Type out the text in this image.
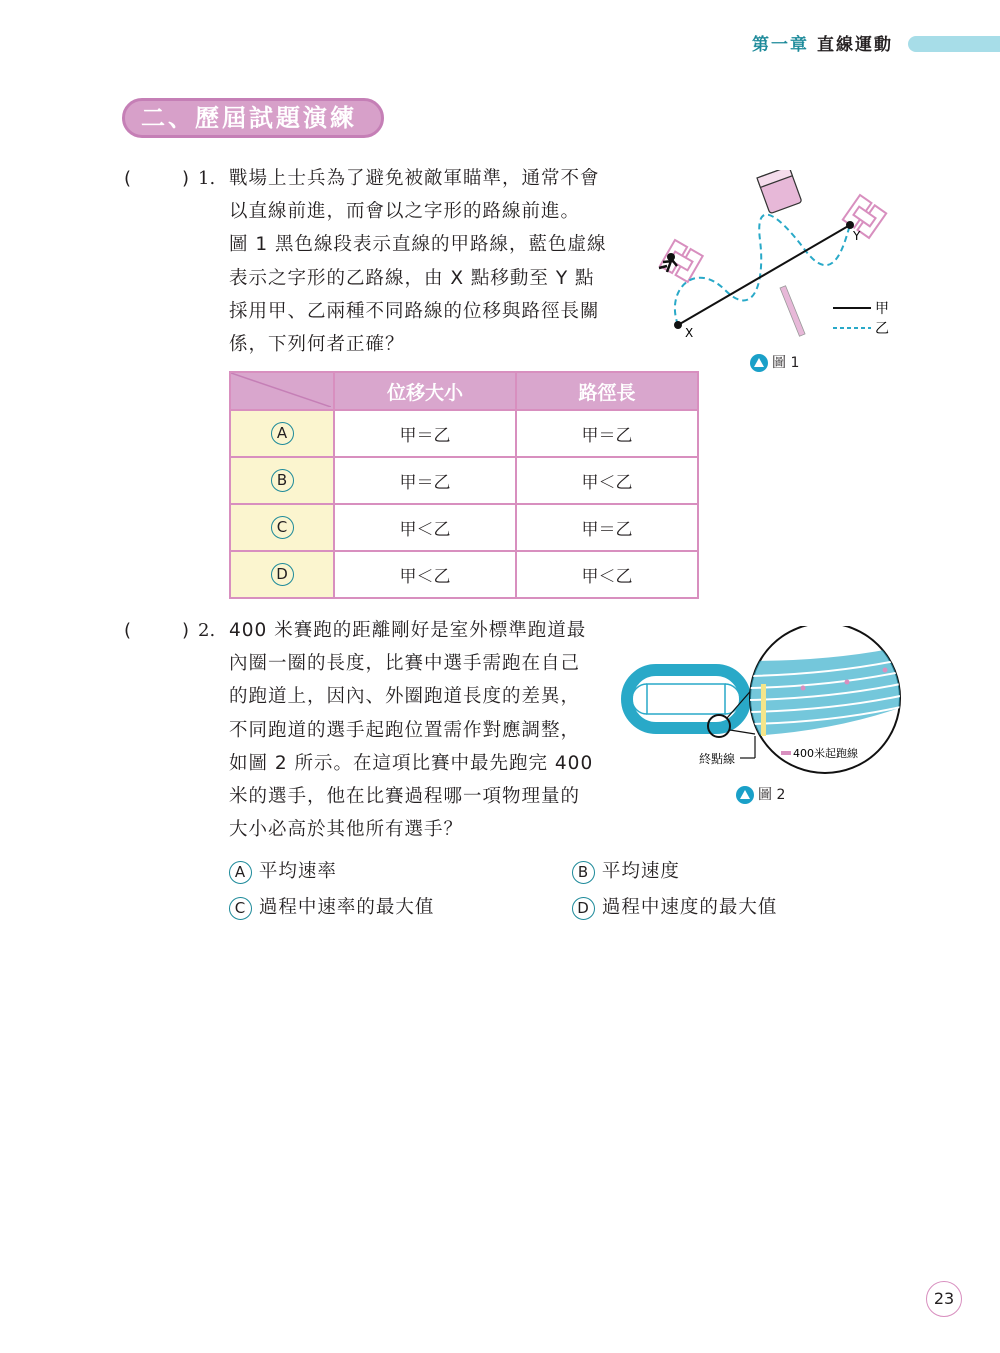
第一章 直線運動
二、歷屆試題演練
(	) 1. 戰場上士兵為了避免被敵軍瞄準，通常不會
以直線前進，而會以之字形的路線前進。
圖 1 黑色線段表示直線的甲路線，藍色虛線
表示之字形的乙路線，由 X 點移動至 Y 點
採用甲、乙兩種不同路線的位移與路徑長關
係，下列何者正確？
X
Y
甲
乙
圖 1
	位移大小	路徑長
A	甲＝乙	甲＝乙
B	甲＝乙	甲＜乙
C	甲＜乙	甲＝乙
D	甲＜乙	甲＜乙
(	) 2. 400 米賽跑的距離剛好是室外標準跑道最
內圈一圈的長度，比賽中選手需跑在自己
的跑道上，因內、外圈跑道長度的差異，
不同跑道的選手起跑位置需作對應調整，
如圖 2 所示。在這項比賽中最先跑完 400
米的選手，他在比賽過程哪一項物理量的
大小必高於其他所有選手？
終點線	400米起跑線
圖 2
A 平均速率	B 平均速度
C 過程中速率的最大值	D 過程中速度的最大值
23
